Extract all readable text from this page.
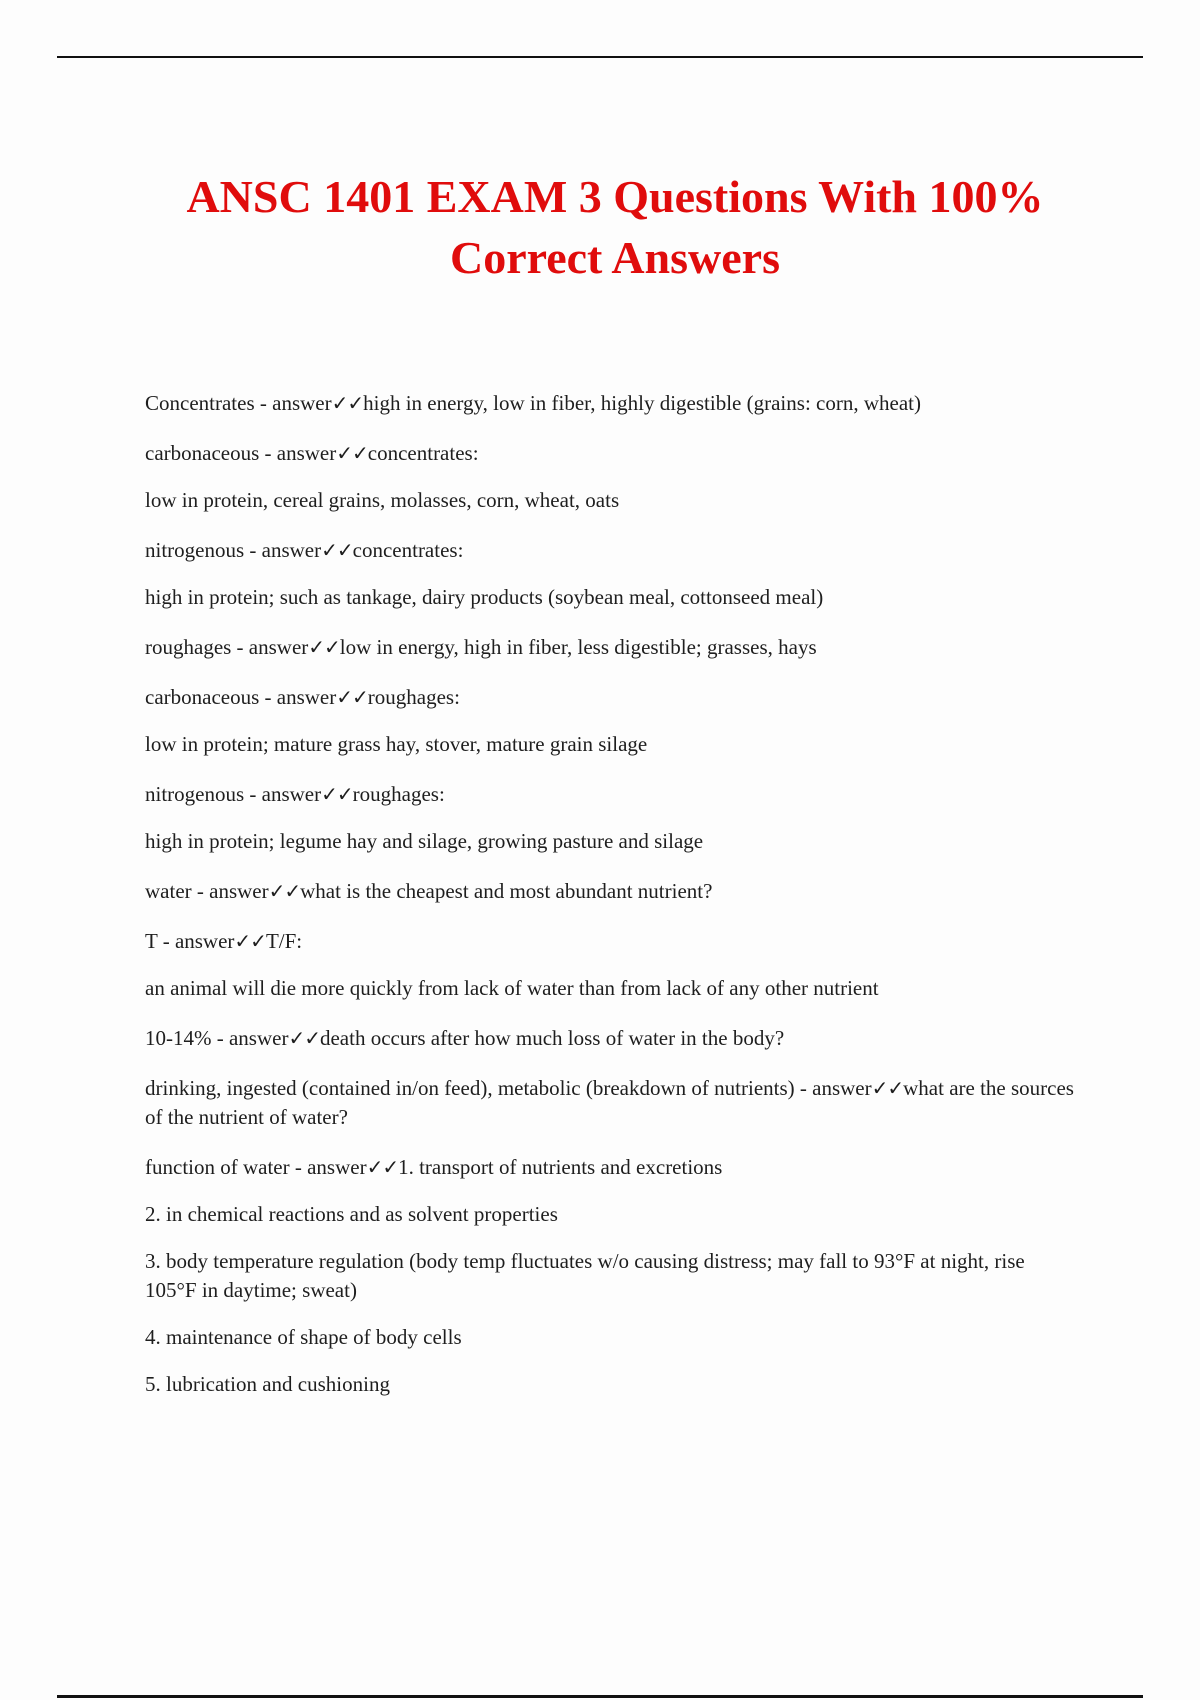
ANSC 1401 EXAM 3 Questions With 100%
Correct Answers

Concentrates - answer✓✓high in energy, low in fiber, highly digestible (grains: corn, wheat)

carbonaceous - answer✓✓concentrates:

low in protein, cereal grains, molasses, corn, wheat, oats

nitrogenous - answer✓✓concentrates:

high in protein; such as tankage, dairy products (soybean meal, cottonseed meal)

roughages - answer✓✓low in energy, high in fiber, less digestible; grasses, hays

carbonaceous - answer✓✓roughages:

low in protein; mature grass hay, stover, mature grain silage

nitrogenous - answer✓✓roughages:

high in protein; legume hay and silage, growing pasture and silage

water - answer✓✓what is the cheapest and most abundant nutrient?

T - answer✓✓T/F:

an animal will die more quickly from lack of water than from lack of any other nutrient

10-14% - answer✓✓death occurs after how much loss of water in the body?

drinking, ingested (contained in/on feed), metabolic (breakdown of nutrients) - answer✓✓what are the sources of the nutrient of water?

function of water - answer✓✓1. transport of nutrients and excretions

2. in chemical reactions and as solvent properties

3. body temperature regulation (body temp fluctuates w/o causing distress; may fall to 93°F at night, rise 105°F in daytime; sweat)

4. maintenance of shape of body cells

5. lubrication and cushioning
